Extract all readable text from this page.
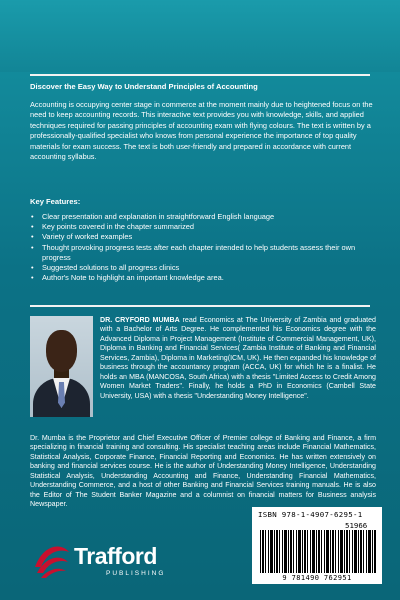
Discover the Easy Way to Understand Principles of Accounting
Accounting is occupying center stage in commerce at the moment mainly due to heightened focus on the need to keep accounting records. This interactive text provides you with knowledge, skills, and applied techniques required for passing principles of accounting exam with flying colours. The text is written by a professionally-qualified specialist who knows from personal experience the importance of top quality materials for exam success. The text is both user-friendly and prepared in accordance with current accounting syllabus.
Key Features:
• Clear presentation and explanation in straightforward English language
• Key points covered in the chapter summarized
• Variety of worked examples
• Thought provoking progress tests after each chapter intended to help students assess their own progress
• Suggested solutions to all progress clinics
• Author's Note to highlight an important knowledge area.
DR. CRYFORD MUMBA read Economics at The University of Zambia and graduated with a Bachelor of Arts Degree. He complemented his Economics degree with the Advanced Diploma in Project Management (Institute of Commercial Management, UK), Diploma in Banking and Financial Services( Zambia Institute of Banking and Financial Services, Zambia), Diploma in Marketing(ICM, UK). He then expanded his knowledge of business through the accountancy program (ACCA, UK) for which he is a finalist. He holds an MBA (MANCOSA, South Africa) with a thesis "Limited Access to Credit Among Women Market Traders". Finally, he holds a PhD in Economics (Cambell State University, USA) with a thesis "Understanding Money Intelligence".
Dr. Mumba is the Proprietor and Chief Executive Officer of Premier college of Banking and Finance, a firm specializing in financial training and consulting. His specialist teaching areas include Financial Mathematics, Statistical Analysis, Corporate Finance, Financial Reporting and Economics. He has written extensively on banking and financial services course. He is the author of Understanding Money Intelligence, Understanding Statistical Analysis, Understanding Accounting and Finance, Understanding Financial Mathematics, Understanding Commerce, and a host of other Banking and Financial Services training manuals. He is also the Editor of The Student Banker Magazine and a columnist on financial matters for Business analysis Newspaper.
ISBN 978-1-4907-6295-1
51966
9 781490 762951
Trafford
PUBLISHING
